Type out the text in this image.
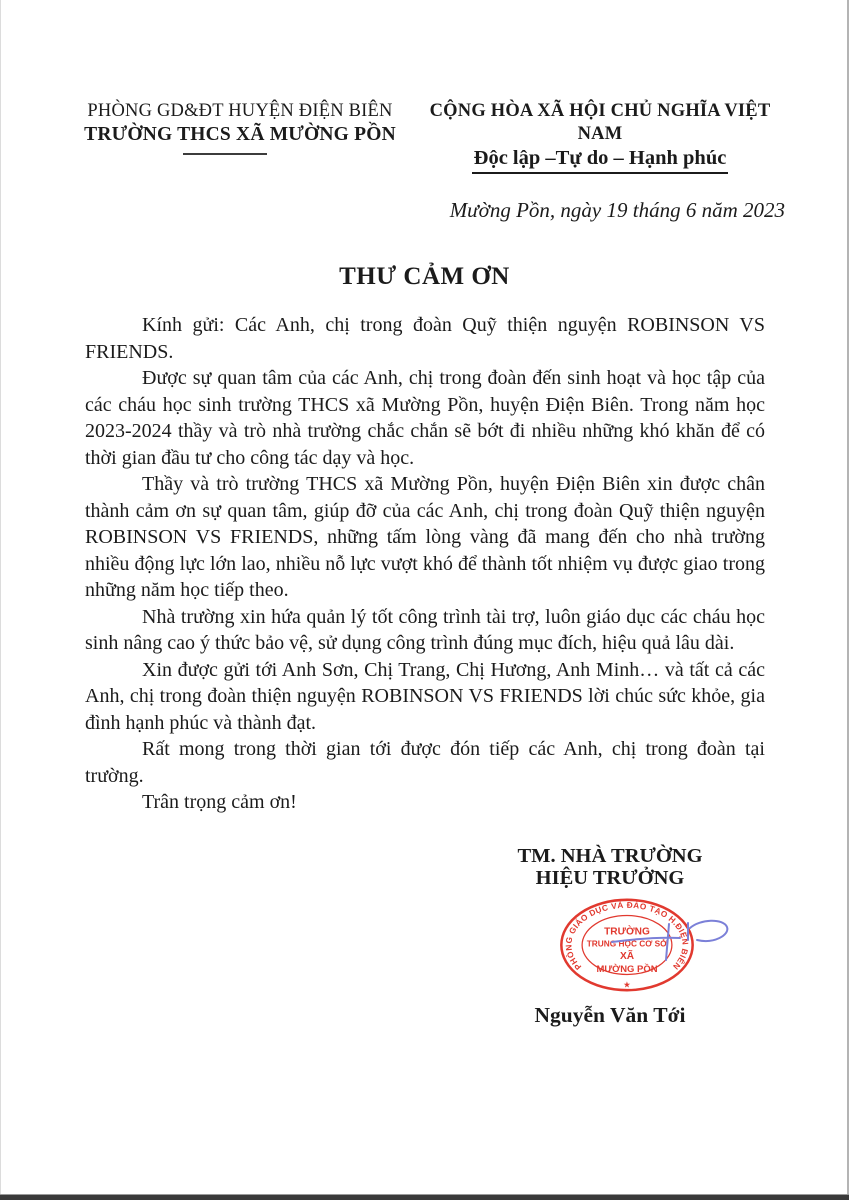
PHÒNG GD&ĐT HUYỆN ĐIỆN BIÊN
TRƯỜNG THCS XÃ MƯỜNG PỒN
CỘNG HÒA XÃ HỘI CHỦ NGHĨA VIỆT NAM
Độc lập –Tự do – Hạnh phúc
Mường Pồn, ngày 19 tháng 6 năm 2023
THƯ CẢM ƠN

Kính gửi: Các Anh, chị trong đoàn Quỹ thiện nguyện ROBINSON VS FRIENDS.

Được sự quan tâm của các Anh, chị trong đoàn đến sinh hoạt và học tập của các cháu học sinh trường THCS xã Mường Pồn, huyện Điện Biên. Trong năm học 2023-2024 thầy và trò nhà trường chắc chắn sẽ bớt đi nhiều những khó khăn để có thời gian đầu tư cho công tác dạy và học.

Thầy và trò trường THCS xã Mường Pồn, huyện Điện Biên xin được chân thành cảm ơn sự quan tâm, giúp đỡ của các Anh, chị trong đoàn Quỹ thiện nguyện ROBINSON VS FRIENDS, những tấm lòng vàng đã mang đến cho nhà trường nhiều động lực lớn lao, nhiều nỗ lực vượt khó để thành tốt nhiệm vụ được giao trong những năm học tiếp theo.

Nhà trường xin hứa quản lý tốt công trình tài trợ, luôn giáo dục các cháu học sinh nâng cao ý thức bảo vệ, sử dụng công trình đúng mục đích, hiệu quả lâu dài.

Xin được gửi tới Anh Sơn, Chị Trang, Chị Hương, Anh Minh… và tất cả các Anh, chị trong đoàn thiện nguyện ROBINSON VS FRIENDS lời chúc sức khỏe, gia đình hạnh phúc và thành đạt.

Rất mong trong thời gian tới được đón tiếp các Anh, chị trong đoàn tại trường.

Trân trọng cảm ơn!

TM. NHÀ TRƯỜNG
HIỆU TRƯỞNG
PHÒNG GIÁO DỤC VÀ ĐÀO TẠO H.ĐIỆN BIÊN
★
TRƯỜNG
TRUNG HỌC CƠ SỞ
XÃ
MƯỜNG PỒN
Nguyễn Văn Tới
